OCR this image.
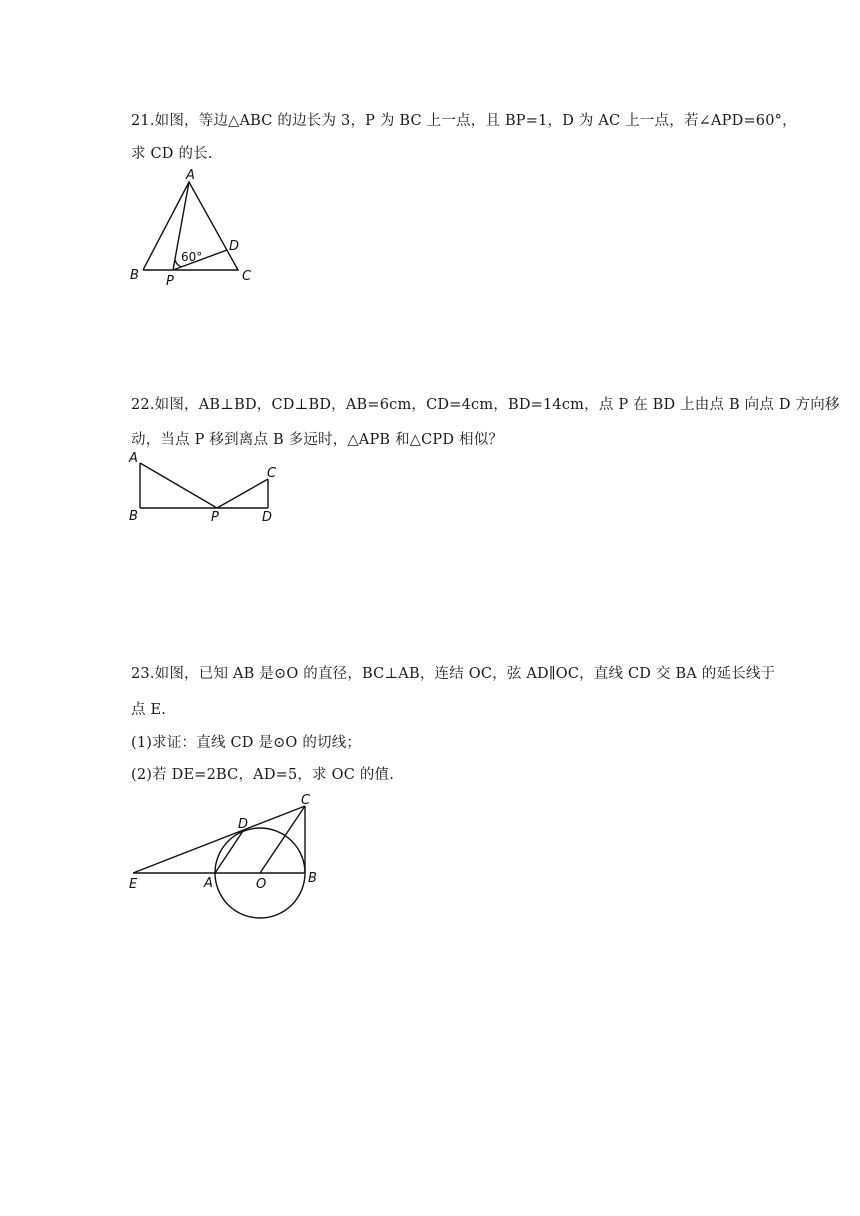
21.如图，等边△ABC 的边长为 3，P 为 BC 上一点，且 BP=1，D 为 AC 上一点，若∠APD=60°，

求 CD 的长.

A
B	C
D
P
60°

22.如图，AB⊥BD，CD⊥BD，AB=6cm，CD=4cm，BD=14cm，点 P 在 BD 上由点 B 向点 D 方向移

动，当点 P 移到离点 B 多远时，△APB 和△CPD 相似？

A
B
C
D
P

23.如图，已知 AB 是⊙O 的直径，BC⊥AB，连结 OC，弦 AD∥OC，直线 CD 交 BA 的延长线于

点 E.

(1)求证：直线 CD 是⊙O 的切线；

(2)若 DE=2BC，AD=5，求 OC 的值.

C
D
E	A	O	B
